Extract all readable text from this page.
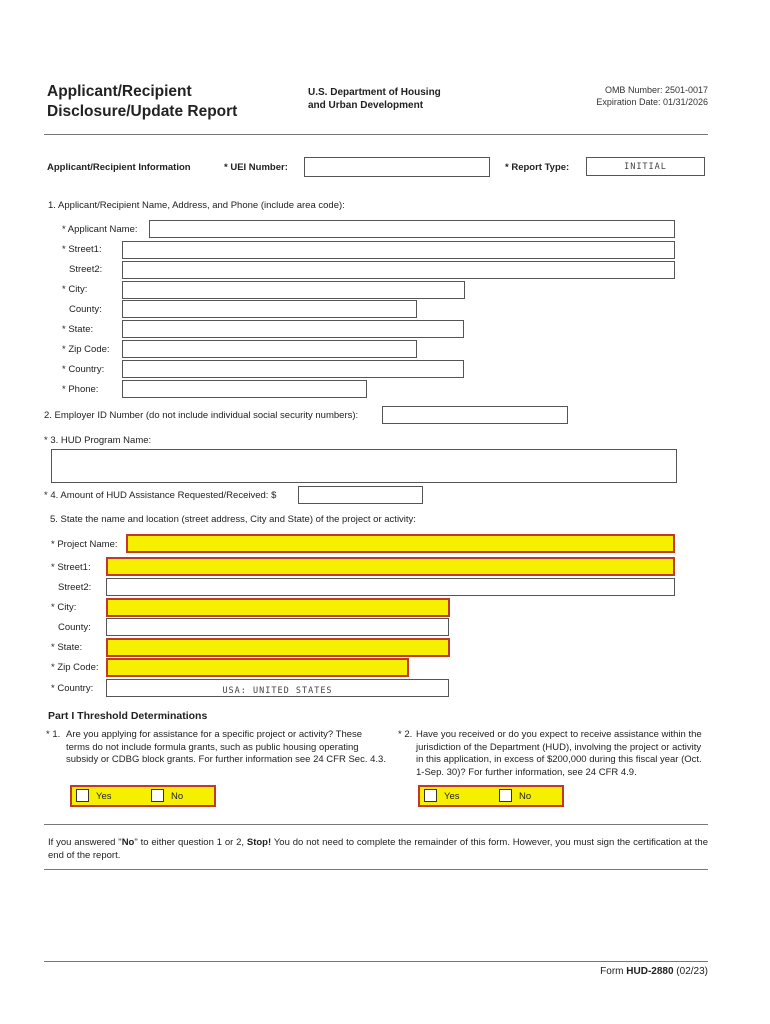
Applicant/Recipient
Disclosure/Update Report
U.S. Department of Housing
and Urban Development
OMB Number: 2501-0017
Expiration Date: 01/31/2026
Applicant/Recipient Information	* UEI Number:	* Report Type:	INITIAL
1. Applicant/Recipient Name, Address, and Phone (include area code):
* Applicant Name:
* Street1:
Street2:
* City:
County:
* State:
* Zip Code:
* Country:
* Phone:
2. Employer ID Number (do not include individual social security numbers):
* 3. HUD Program Name:
* 4. Amount of HUD Assistance Requested/Received: $
5. State the name and location (street address, City and State) of the project or activity:
* Project Name:
* Street1:
Street2:
* City:
County:
* State:
* Zip Code:
* Country:	USA: UNITED STATES
Part I Threshold Determinations
* 1. Are you applying for assistance for a specific project or activity? These terms do not include formula grants, such as public housing operating subsidy or CDBG block grants. For further information see 24 CFR Sec. 4.3.
* 2. Have you received or do you expect to receive assistance within the jurisdiction of the Department (HUD), involving the project or activity in this application, in excess of $200,000 during this fiscal year (Oct. 1-Sep. 30)? For further information, see 24 CFR 4.9.
Yes	No	Yes	No
If you answered "No" to either question 1 or 2, Stop! You do not need to complete the remainder of this form. However, you must sign the certification at the end of the report.
Form HUD-2880 (02/23)
